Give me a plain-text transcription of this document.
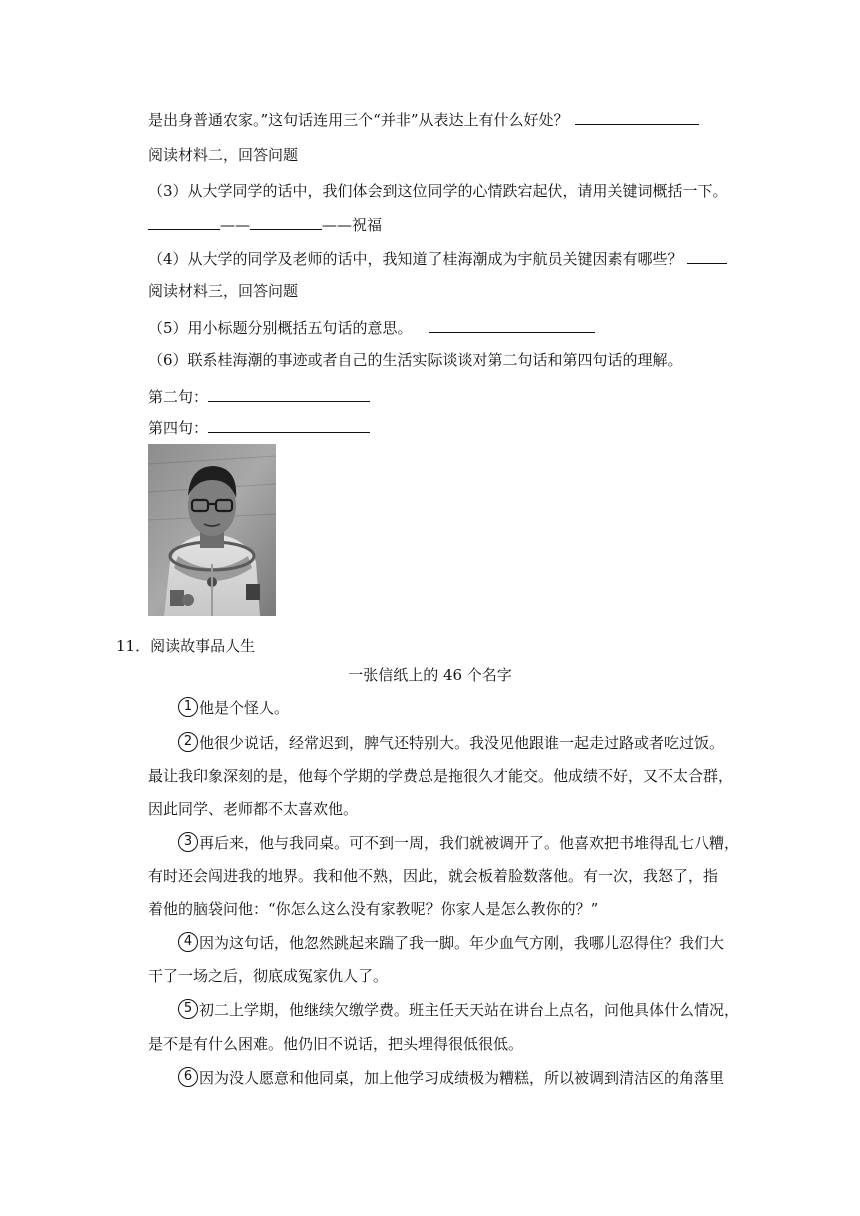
是出身普通农家。”这句话连用三个“并非”从表达上有什么好处？
阅读材料二，回答问题
（3）从大学同学的话中，我们体会到这位同学的心情跌宕起伏，请用关键词概括一下。
——	——祝福
（4）从大学的同学及老师的话中，我知道了桂海潮成为宇航员关键因素有哪些？
阅读材料三，回答问题
（5）用小标题分别概括五句话的意思。
（6）联系桂海潮的事迹或者自己的生活实际谈谈对第二句话和第四句话的理解。
第二句：
第四句：
11．阅读故事品人生
一张信纸上的 46 个名字
1 他是个怪人。
2 他很少说话，经常迟到，脾气还特别大。我没见他跟谁一起走过路或者吃过饭。
最让我印象深刻的是，他每个学期的学费总是拖很久才能交。他成绩不好，又不太合群，
因此同学、老师都不太喜欢他。
3 再后来，他与我同桌。可不到一周，我们就被调开了。他喜欢把书堆得乱七八糟，
有时还会闯进我的地界。我和他不熟，因此，就会板着脸数落他。有一次，我怒了，指
着他的脑袋问他：“你怎么这么没有家教呢？你家人是怎么教你的？”
4 因为这句话，他忽然跳起来踹了我一脚。年少血气方刚，我哪儿忍得住？我们大
干了一场之后，彻底成冤家仇人了。
5 初二上学期，他继续欠缴学费。班主任天天站在讲台上点名，问他具体什么情况，
是不是有什么困难。他仍旧不说话，把头埋得很低很低。
6 因为没人愿意和他同桌，加上他学习成绩极为糟糕，所以被调到清洁区的角落里
